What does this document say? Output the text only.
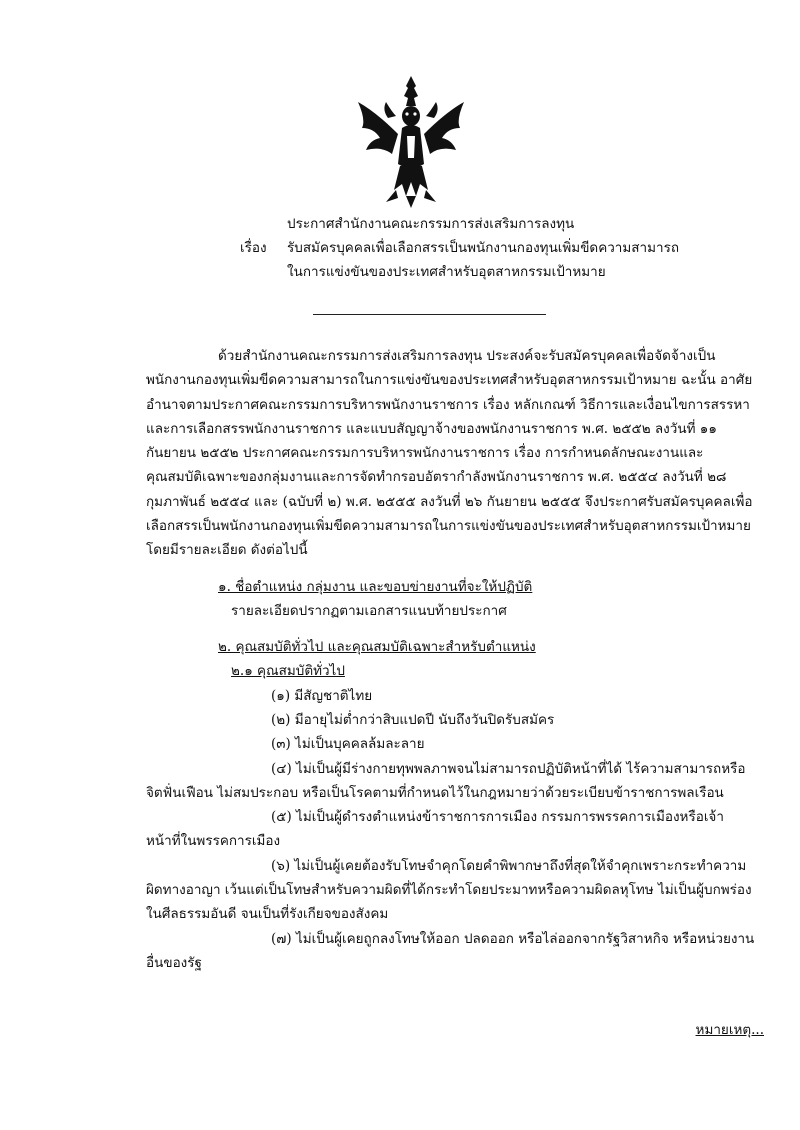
ประกาศสำนักงานคณะกรรมการส่งเสริมการลงทุน
เรื่อง	รับสมัครบุคคลเพื่อเลือกสรรเป็นพนักงานกองทุนเพิ่มขีดความสามารถ
ในการแข่งขันของประเทศสำหรับอุตสาหกรรมเป้าหมาย

ด้วยสำนักงานคณะกรรมการส่งเสริมการลงทุน ประสงค์จะรับสมัครบุคคลเพื่อจัดจ้างเป็นพนักงานกองทุนเพิ่มขีดความสามารถในการแข่งขันของประเทศสำหรับอุตสาหกรรมเป้าหมาย ฉะนั้น อาศัยอำนาจตามประกาศคณะกรรมการบริหารพนักงานราชการ เรื่อง หลักเกณฑ์ วิธีการและเงื่อนไขการสรรหาและการเลือกสรรพนักงานราชการ และแบบสัญญาจ้างของพนักงานราชการ พ.ศ. ๒๕๕๒ ลงวันที่ ๑๑ กันยายน ๒๕๕๒ ประกาศคณะกรรมการบริหารพนักงานราชการ เรื่อง การกำหนดลักษณะงานและคุณสมบัติเฉพาะของกลุ่มงานและการจัดทำกรอบอัตรากำลังพนักงานราชการ พ.ศ. ๒๕๕๔ ลงวันที่ ๒๘ กุมภาพันธ์ ๒๕๕๔ และ (ฉบับที่ ๒) พ.ศ. ๒๕๕๕ ลงวันที่ ๒๖ กันยายน ๒๕๕๕ จึงประกาศรับสมัครบุคคลเพื่อเลือกสรรเป็นพนักงานกองทุนเพิ่มขีดความสามารถในการแข่งขันของประเทศสำหรับอุตสาหกรรมเป้าหมาย โดยมีรายละเอียด ดังต่อไปนี้

๑. ชื่อตำแหน่ง กลุ่มงาน และขอบข่ายงานที่จะให้ปฏิบัติ

รายละเอียดปรากฏตามเอกสารแนบท้ายประกาศ

๒. คุณสมบัติทั่วไป และคุณสมบัติเฉพาะสำหรับตำแหน่ง

๒.๑ คุณสมบัติทั่วไป

(๑) มีสัญชาติไทย

(๒) มีอายุไม่ต่ำกว่าสิบแปดปี นับถึงวันปิดรับสมัคร

(๓) ไม่เป็นบุคคลล้มละลาย

(๔) ไม่เป็นผู้มีร่างกายทุพพลภาพจนไม่สามารถปฏิบัติหน้าที่ได้ ไร้ความสามารถหรือจิตฟั่นเฟือน ไม่สมประกอบ หรือเป็นโรคตามที่กำหนดไว้ในกฎหมายว่าด้วยระเบียบข้าราชการพลเรือน

(๕) ไม่เป็นผู้ดำรงตำแหน่งข้าราชการการเมือง กรรมการพรรคการเมืองหรือเจ้าหน้าที่ในพรรคการเมือง

(๖) ไม่เป็นผู้เคยต้องรับโทษจำคุกโดยคำพิพากษาถึงที่สุดให้จำคุกเพราะกระทำความผิดทางอาญา เว้นแต่เป็นโทษสำหรับความผิดที่ได้กระทำโดยประมาทหรือความผิดลหุโทษ ไม่เป็นผู้บกพร่องในศีลธรรมอันดี จนเป็นที่รังเกียจของสังคม

(๗) ไม่เป็นผู้เคยถูกลงโทษให้ออก ปลดออก หรือไล่ออกจากรัฐวิสาหกิจ หรือหน่วยงานอื่นของรัฐ

หมายเหตุ...
